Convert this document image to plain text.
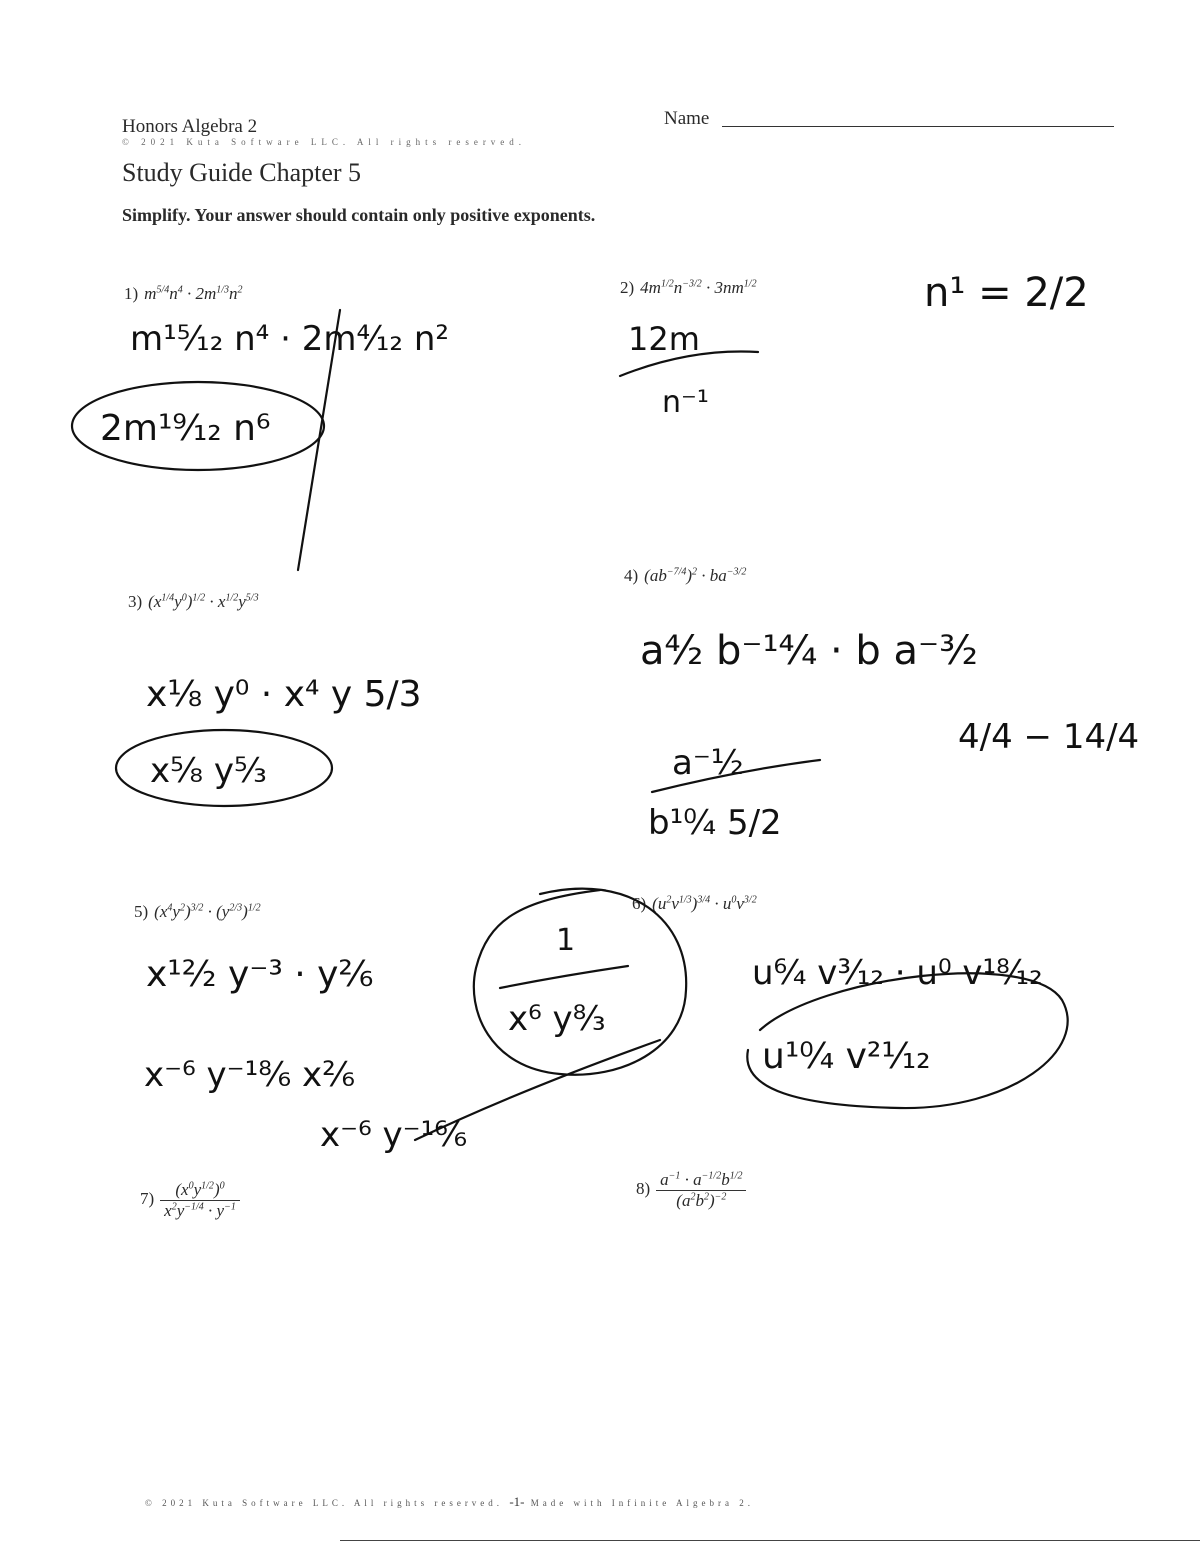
Honors Algebra 2	Name
© 2021 Kuta Software LLC. All rights reserved.
Study Guide Chapter 5
Simplify. Your answer should contain only positive exponents.
1) $m^{5/4}n^4 \cdot 2m^{1/3}n^2$	2) $4m^{1/2}n^{-3/2} \cdot 3nm^{1/2}$
3) $(x^{1/4}y^0)^{1/2} \cdot x^{1/2}y^{5/3}$
4) $(ab^{-7/4})^2 \cdot ba^{-3/2}$
5) $(x^4y^2)^{3/2} \cdot (y^{2/3})^{1/2}$	6) $(u^2v^{1/3})^{3/4} \cdot u^0v^{3/2}$
$7) \frac{(x^0y^{1/2})^0}{x^2y^{-1/4} \cdot y^{-1}}$	$8) \frac{a^{-1} \cdot a^{-1/2}b^{1/2}}{(a^2b^2)^{-2}}$
m¹⁵⁄₁₂ n⁴ · 2m⁴⁄₁₂ n²
2m¹⁹⁄₁₂ n⁶
12m
n⁻¹
n¹ = 2/2
x¹⁄₈ y⁰ · x⁴ y 5/3
x⁵⁄₈ y⁵⁄₃
a⁴⁄₂ b⁻¹⁴⁄₄ · b a⁻³⁄₂
4/4 − 14/4
a⁻¹⁄₂
b¹⁰⁄₄ 5/2
x¹²⁄₂ y⁻³ · y²⁄₆
x⁻⁶ y⁻¹⁸⁄₆ x²⁄₆
x⁻⁶ y⁻¹⁶⁄₆
1
x⁶ y⁸⁄₃
u⁶⁄₄ v³⁄₁₂ · u⁰ v¹⁸⁄₁₂
u¹⁰⁄₄ v²¹⁄₁₂
© 2021 Kuta Software LLC. All rights reserved. -1- Made with Infinite Algebra 2.
